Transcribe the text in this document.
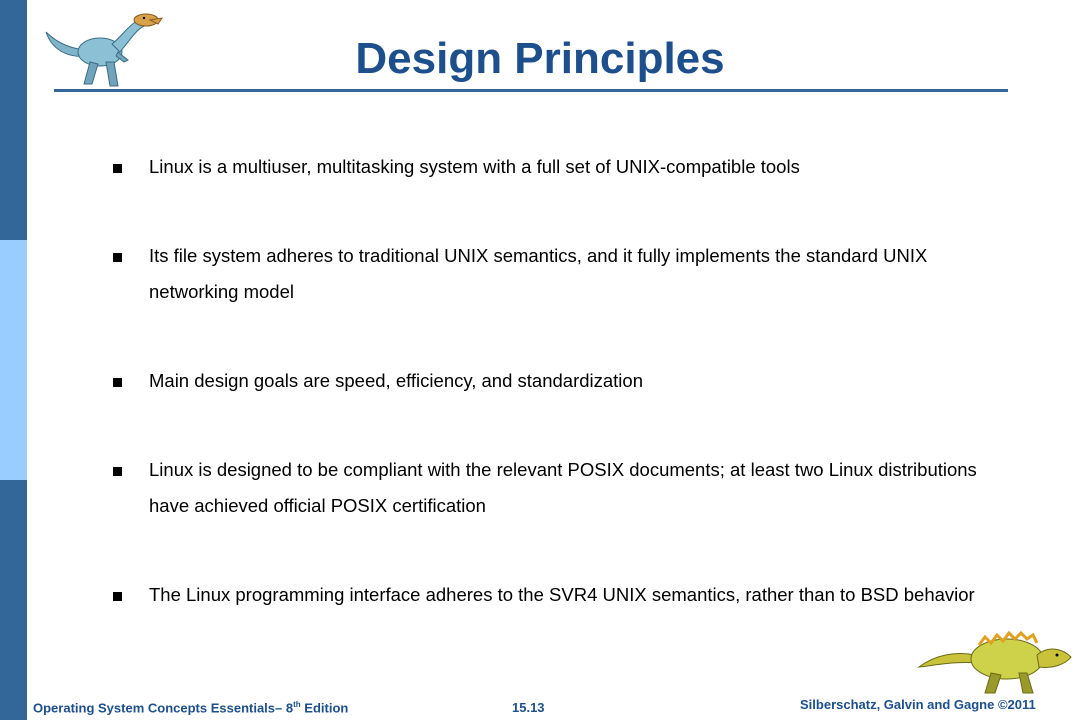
Design Principles
Linux is a multiuser, multitasking system with a full set of UNIX-compatible tools
Its file system adheres to traditional UNIX semantics, and it fully implements the standard UNIX networking model
Main design goals are speed, efficiency, and standardization
Linux is designed to be compliant with the relevant POSIX documents; at least two Linux distributions have achieved official POSIX certification
The Linux programming interface adheres to the SVR4 UNIX semantics, rather than to BSD behavior
Operating System Concepts Essentials– 8th Edition	15.13	Silberschatz, Galvin and Gagne ©2011
